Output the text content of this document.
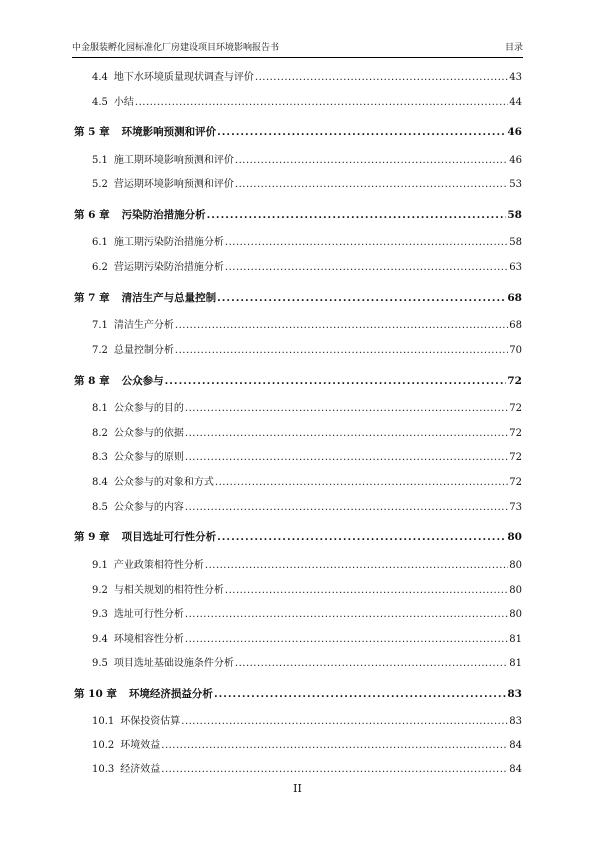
中金服装孵化园标准化厂房建设项目环境影响报告书	目录
4.4 地下水环境质量现状调查与评价 .....	43
4.5 小结 .....	44
第 5 章 环境影响预测和评价 .....	46
5.1 施工期环境影响预测和评价 .....	46
5.2 营运期环境影响预测和评价 .....	53
第 6 章 污染防治措施分析 .....	58
6.1 施工期污染防治措施分析 .....	58
6.2 营运期污染防治措施分析 .....	63
第 7 章 清洁生产与总量控制 .....	68
7.1 清洁生产分析 .....	68
7.2 总量控制分析 .....	70
第 8 章 公众参与 .....	72
8.1 公众参与的目的 .....	72
8.2 公众参与的依据 .....	72
8.3 公众参与的原则 .....	72
8.4 公众参与的对象和方式 .....	72
8.5 公众参与的内容 .....	73
第 9 章 项目选址可行性分析 .....	80
9.1 产业政策相符性分析 .....	80
9.2 与相关规划的相符性分析 .....	80
9.3 选址可行性分析 .....	80
9.4 环境相容性分析 .....	81
9.5 项目选址基础设施条件分析 .....	81
第 10 章 环境经济损益分析 .....	83
10.1 环保投资估算 .....	83
10.2 环境效益 .....	84
10.3 经济效益 .....	84
II
